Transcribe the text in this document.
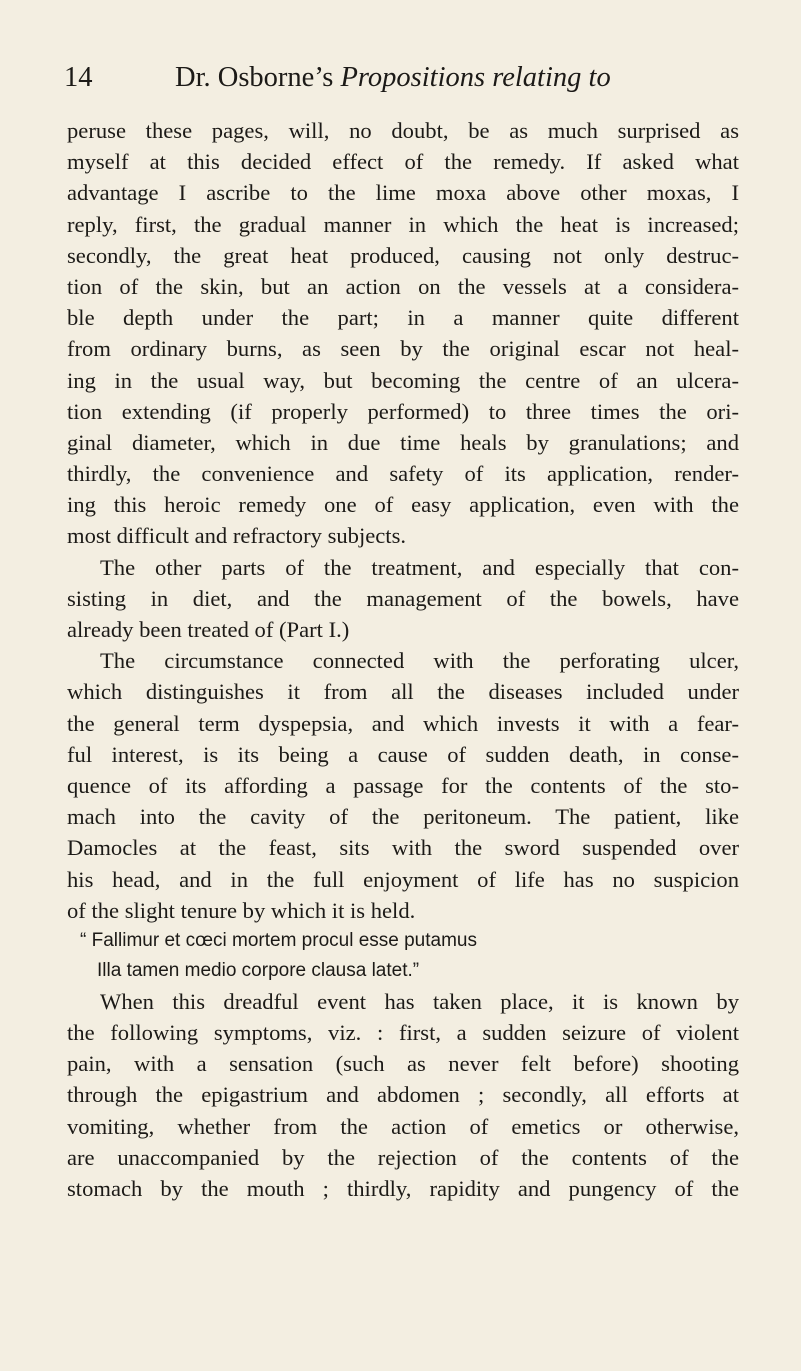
14	Dr. Osborne’s Propositions relating to
peruse these pages, will, no doubt, be as much surprised as
myself at this decided effect of the remedy. If asked what
advantage I ascribe to the lime moxa above other moxas, I
reply, first, the gradual manner in which the heat is increased;
secondly, the great heat produced, causing not only destruc-
tion of the skin, but an action on the vessels at a considera-
ble depth under the part; in a manner quite different
from ordinary burns, as seen by the original escar not heal-
ing in the usual way, but becoming the centre of an ulcera-
tion extending (if properly performed) to three times the ori-
ginal diameter, which in due time heals by granulations; and
thirdly, the convenience and safety of its application, render-
ing this heroic remedy one of easy application, even with the
most difficult and refractory subjects.
The other parts of the treatment, and especially that con-
sisting in diet, and the management of the bowels, have
already been treated of (Part I.)
The circumstance connected with the perforating ulcer,
which distinguishes it from all the diseases included under
the general term dyspepsia, and which invests it with a fear-
ful interest, is its being a cause of sudden death, in conse-
quence of its affording a passage for the contents of the sto-
mach into the cavity of the peritoneum. The patient, like
Damocles at the feast, sits with the sword suspended over
his head, and in the full enjoyment of life has no suspicion
of the slight tenure by which it is held.
“ Fallimur et cœci mortem procul esse putamus
Illa tamen medio corpore clausa latet.”
When this dreadful event has taken place, it is known by
the following symptoms, viz. : first, a sudden seizure of violent
pain, with a sensation (such as never felt before) shooting
through the epigastrium and abdomen ; secondly, all efforts at
vomiting, whether from the action of emetics or otherwise,
are unaccompanied by the rejection of the contents of the
stomach by the mouth ; thirdly, rapidity and pungency of the
